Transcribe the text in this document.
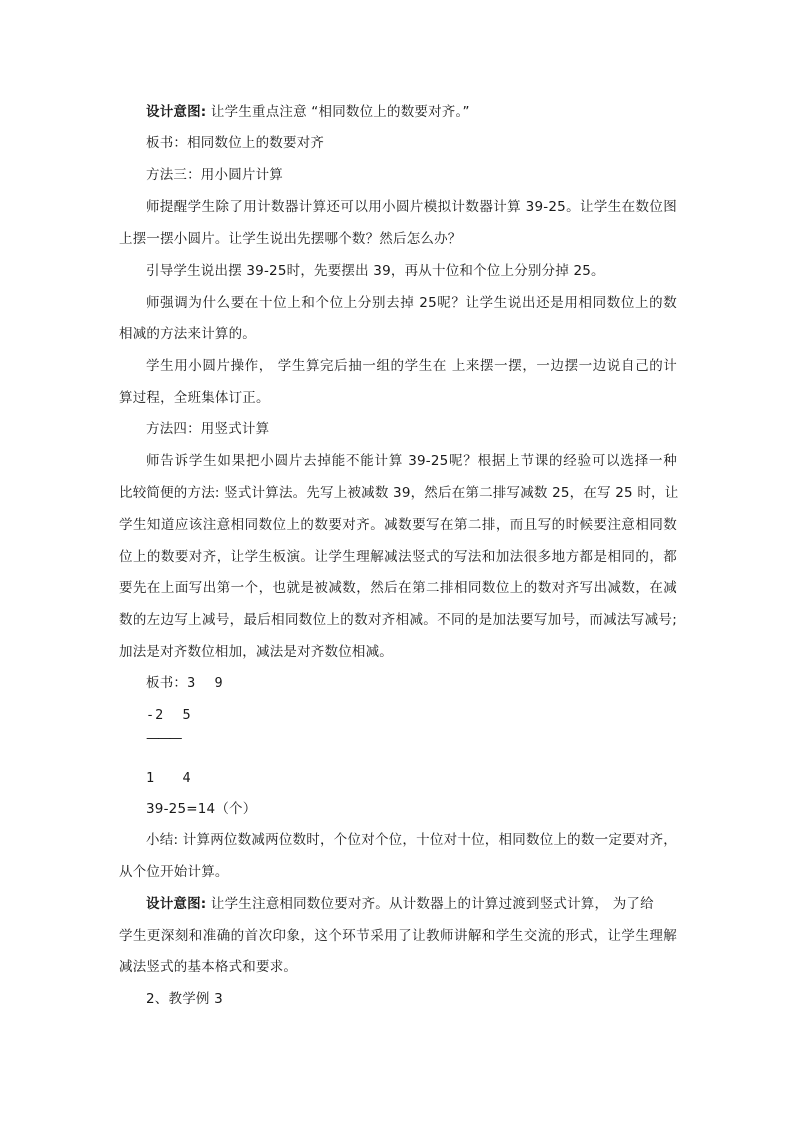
设计意图: 让学生重点注意 “相同数位上的数要对齐。”
板书：相同数位上的数要对齐
方法三：用小圆片计算
师提醒学生除了用计数器计算还可以用小圆片模拟计数器计算 39-25。让学生在数位图
上摆一摆小圆片。让学生说出先摆哪个数？然后怎么办？
引导学生说出摆 39-25时，先要摆出 39，再从十位和个位上分别分掉 25。
师强调为什么要在十位上和个位上分别去掉 25呢？让学生说出还是用相同数位上的数
相减的方法来计算的。
学生用小圆片操作， 学生算完后抽一组的学生在 上来摆一摆，一边摆一边说自己的计
算过程，全班集体订正。
方法四：用竖式计算
师告诉学生如果把小圆片去掉能不能计算 39-25呢？根据上节课的经验可以选择一种
比较简便的方法: 竖式计算法。先写上被减数 39，然后在第二排写减数 25，在写 25 时，让
学生知道应该注意相同数位上的数要对齐。减数要写在第二排，而且写的时候要注意相同数
位上的数要对齐，让学生板演。让学生理解减法竖式的写法和加法很多地方都是相同的，都
要先在上面写出第一个，也就是被减数，然后在第二排相同数位上的数对齐写出减数，在减
数的左边写上减号，最后相同数位上的数对齐相减。不同的是加法要写加号，而减法写减号;
加法是对齐数位相加，减法是对齐数位相减。
板书：3  9
-2  5
———
1   4
39-25=14（个）
小结: 计算两位数减两位数时，个位对个位，十位对十位，相同数位上的数一定要对齐，
从个位开始计算。
设计意图: 让学生注意相同数位要对齐。从计数器上的计算过渡到竖式计算， 为了给
学生更深刻和准确的首次印象，这个环节采用了让教师讲解和学生交流的形式，让学生理解
减法竖式的基本格式和要求。
2、教学例 3
